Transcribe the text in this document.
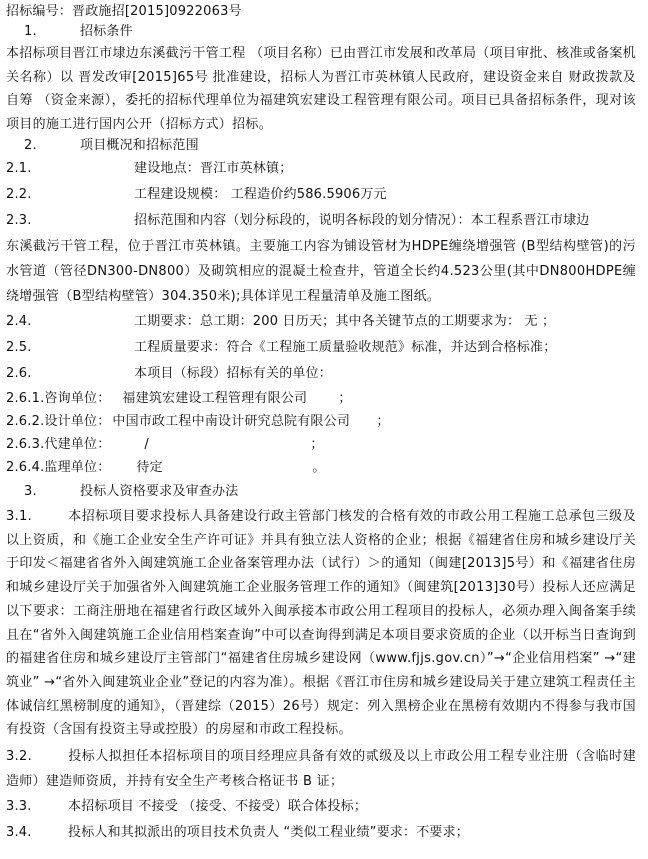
招标编号：晋政施招[2015]0922063号
1.	招标条件

本招标项目晋江市埭边东溪截污干管工程 （项目名称）已由晋江市发展和改革局（项目审批、核准或备案机关名称）以 晋发改审[2015]65号 批准建设，招标人为晋江市英林镇人民政府，建设资金来自 财政拨款及自筹 （资金来源），委托的招标代理单位为福建筑宏建设工程管理有限公司。项目已具备招标条件，现对该项目的施工进行国内公开（招标方式）招标。

2.	项目概况和招标范围
2.1.	建设地点：晋江市英林镇；
2.2.	工程建设规模： 工程造价约586.5906万元
2.3.	招标范围和内容（划分标段的，说明各标段的划分情况）：本工程系晋江市埭边

东溪截污干管工程，位于晋江市英林镇。主要施工内容为铺设管材为HDPE缠绕增强管 (B型结构壁管)的污水管道（管径DN300-DN800）及砌筑相应的混凝土检查井，管道全长约4.523公里(其中DN800HDPE缠绕增强管（B型结构壁管）304.350米);具体详见工程量清单及施工图纸。

2.4.	工期要求：总工期：200 日历天；其中各关键节点的工期要求为： 无 ；
2.5.	工程质量要求：符合《工程施工质量验收规范》标准，并达到合格标准；
2.6.	本项目（标段）招标有关的单位：
2.6.1.咨询单位： 福建筑宏建设工程管理有限公司 ；
2.6.2.设计单位： 中国市政工程中南设计研究总院有限公司 ；
2.6.3.代建单位：	/	；
2.6.4.监理单位： 待定	。
3.	投标人资格要求及审查办法

3.1.	本招标项目要求投标人具备建设行政主管部门核发的合格有效的市政公用工程施工总承包三级及以上资质，和《施工企业安全生产许可证》并具有独立法人资格的企业；根据《福建省住房和城乡建设厅关于印发＜福建省省外入闽建筑施工企业备案管理办法（试行）＞的通知（闽建[2013]5号）和《福建省住房和城乡建设厅关于加强省外入闽建筑施工企业服务管理工作的通知》（闽建筑[2013]30号）投标人还应满足以下要求：工商注册地在福建省行政区域外入闽承接本市政公用工程项目的投标人，必须办理入闽备案手续且在“省外入闽建筑施工企业信用档案查询”中可以查询得到满足本项目要求资质的企业（以开标当日查询到的福建省住房和城乡建设厅主管部门“福建省住房城乡建设网（www.fjjs.gov.cn）”→“企业信用档案” →“建筑业” →“省外入闽建筑业企业”登记的内容为准）。根据《晋江市住房和城乡建设局关于建立建筑工程责任主体诚信红黑榜制度的通知》，（晋建综（2015）26号）规定：列入黑榜企业在黑榜有效期内不得参与我市国有投资（含国有投资主导或控股）的房屋和市政工程投标。

3.2.	投标人拟担任本招标项目的项目经理应具备有效的贰级及以上市政公用工程专业注册（含临时建造师）建造师资质，并持有安全生产考核合格证书 B 证；

3.3.	本招标项目 不接受 （接受、不接受）联合体投标；
3.4.	投标人和其拟派出的项目技术负责人 “类似工程业绩”要求：不要求；
